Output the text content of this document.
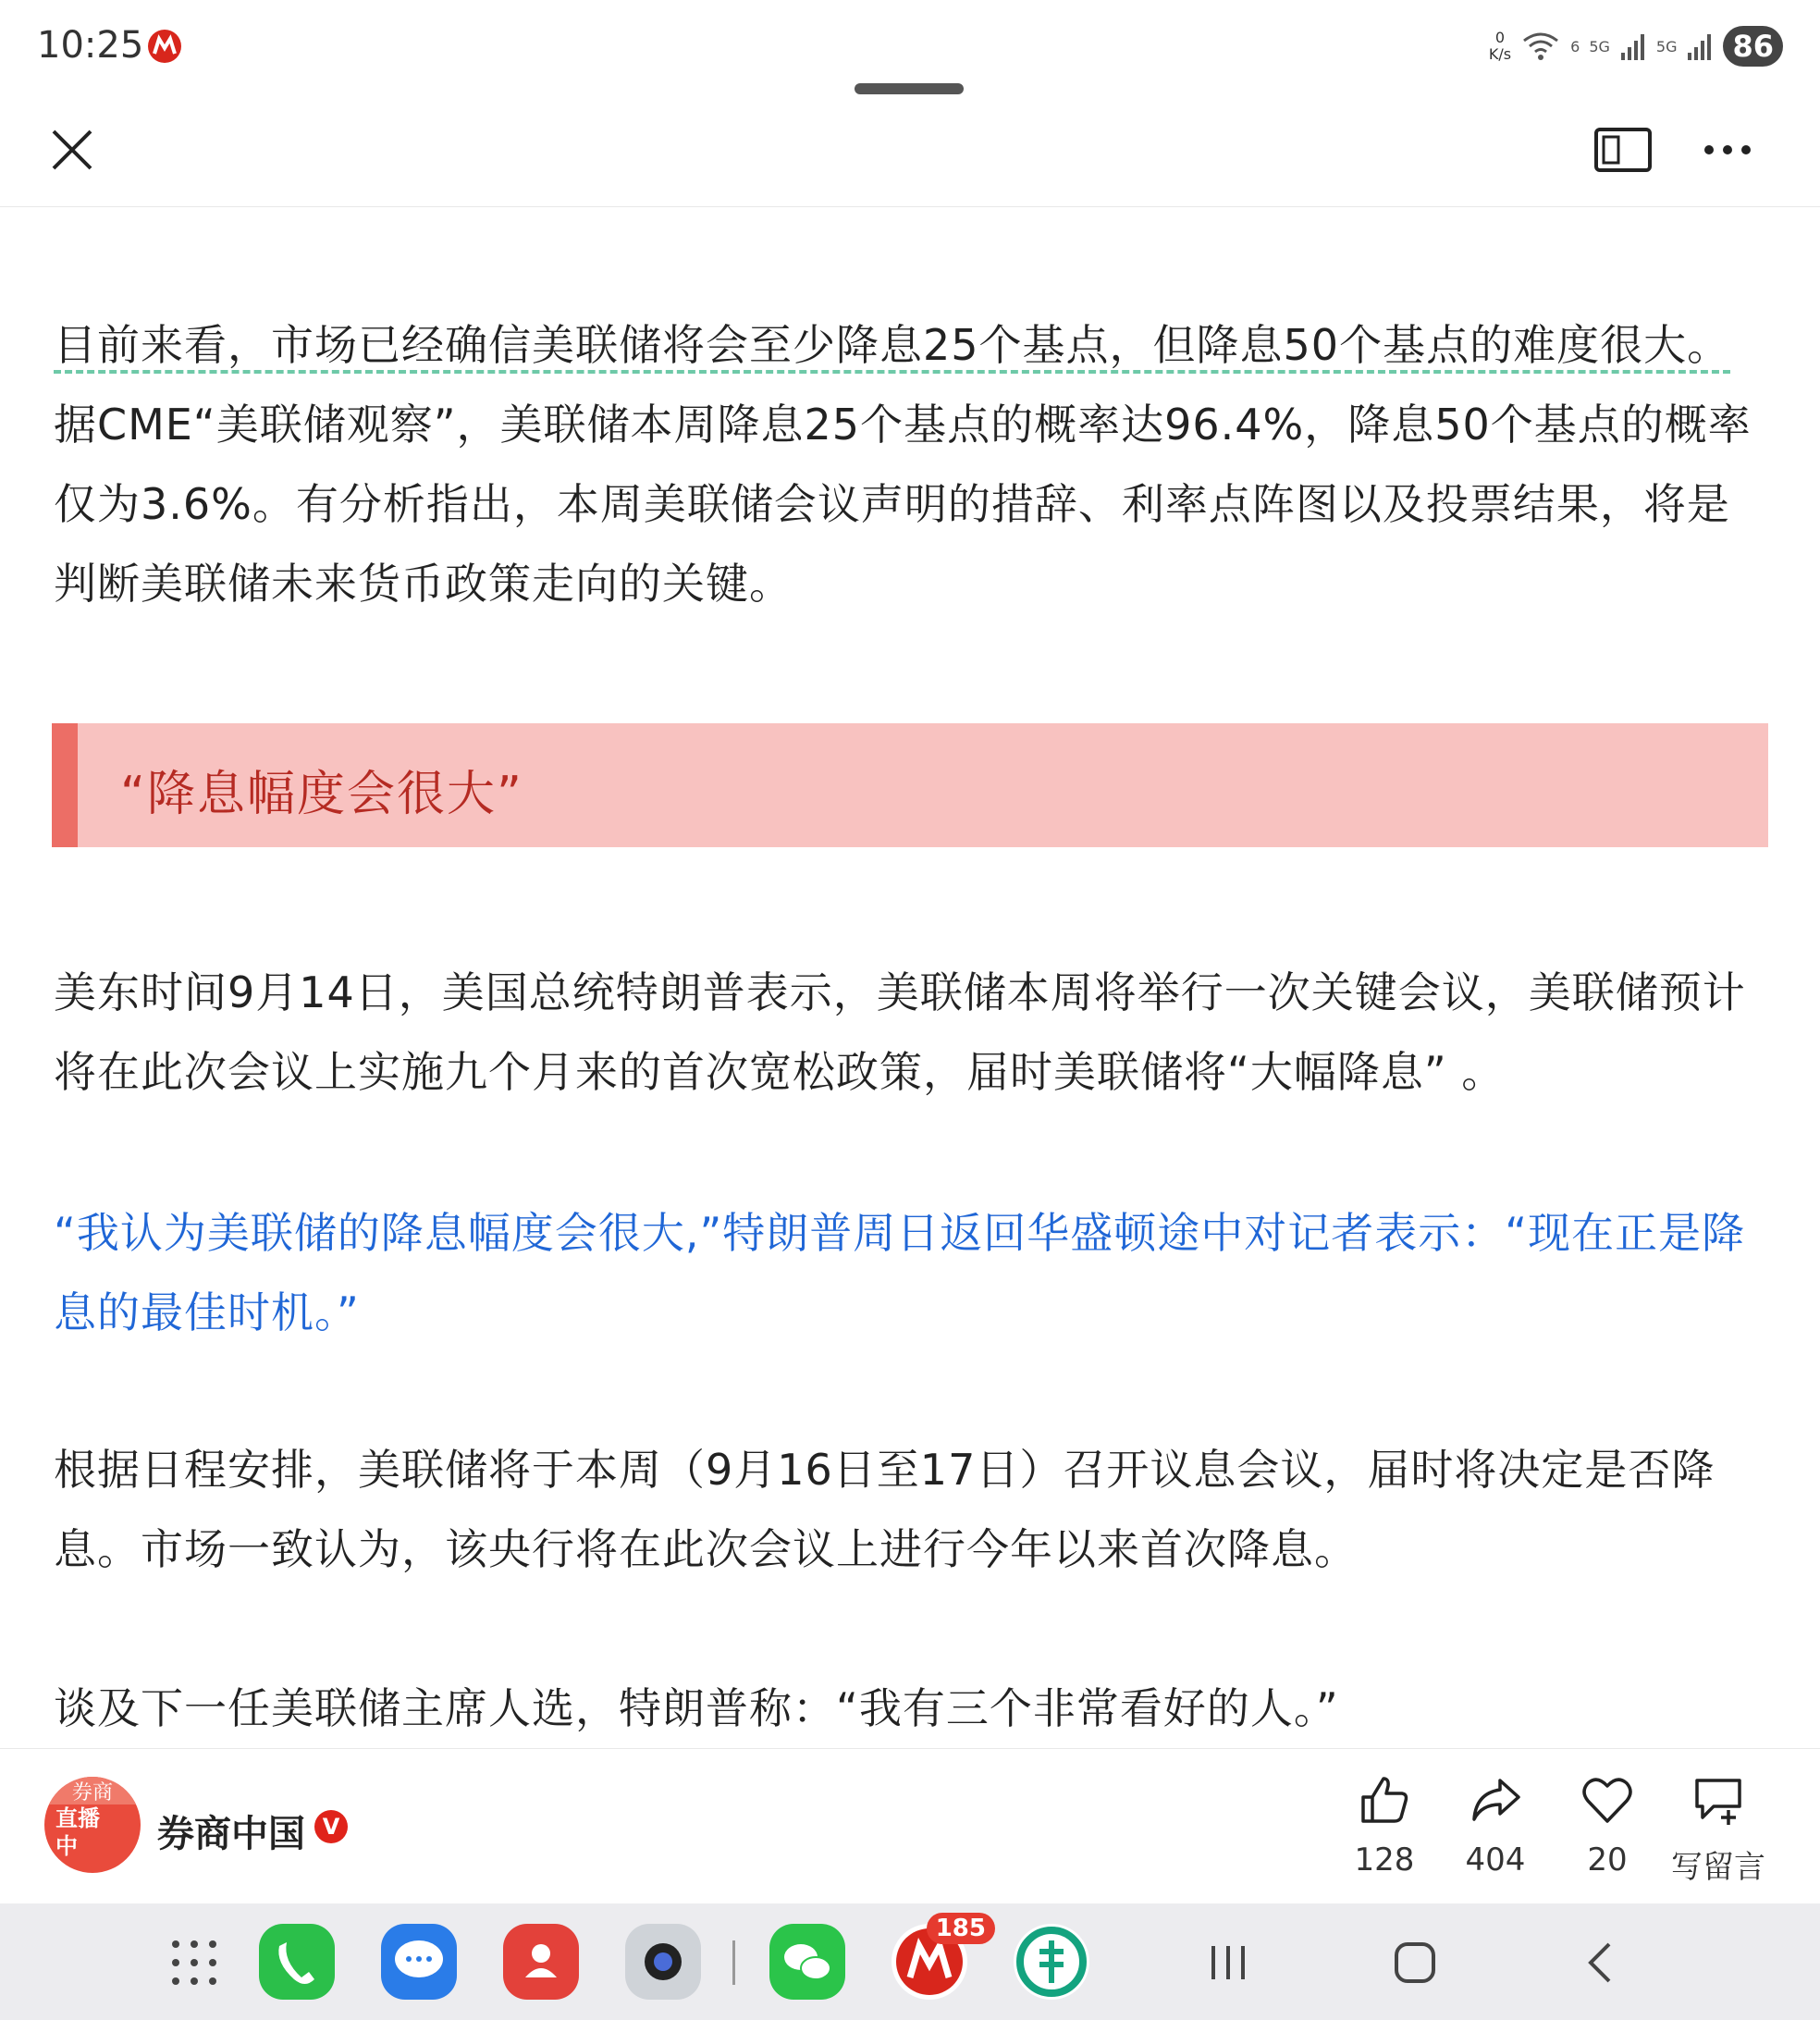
10:25	0
K/s	6 5G	5G	86
目前来看，市场已经确信美联储将会至少降息25个基点，但降息50个基点的难度很大。据CME“美联储观察”，美联储本周降息25个基点的概率达96.4%，降息50个基点的概率仅为3.6%。有分析指出，本周美联储会议声明的措辞、利率点阵图以及投票结果，将是判断美联储未来货币政策走向的关键。
“降息幅度会很大”
美东时间9月14日，美国总统特朗普表示，美联储本周将举行一次关键会议，美联储预计将在此次会议上实施九个月来的首次宽松政策，届时美联储将“大幅降息” 。
“我认为美联储的降息幅度会很大,”特朗普周日返回华盛顿途中对记者表示：“现在正是降息的最佳时机。”
根据日程安排，美联储将于本周（9月16日至17日）召开议息会议，届时将决定是否降息。市场一致认为，该央行将在此次会议上进行今年以来首次降息。
谈及下一任美联储主席人选，特朗普称：“我有三个非常看好的人。”
券商
直播
中	券商中国 V
128	404	20	写留言
185
